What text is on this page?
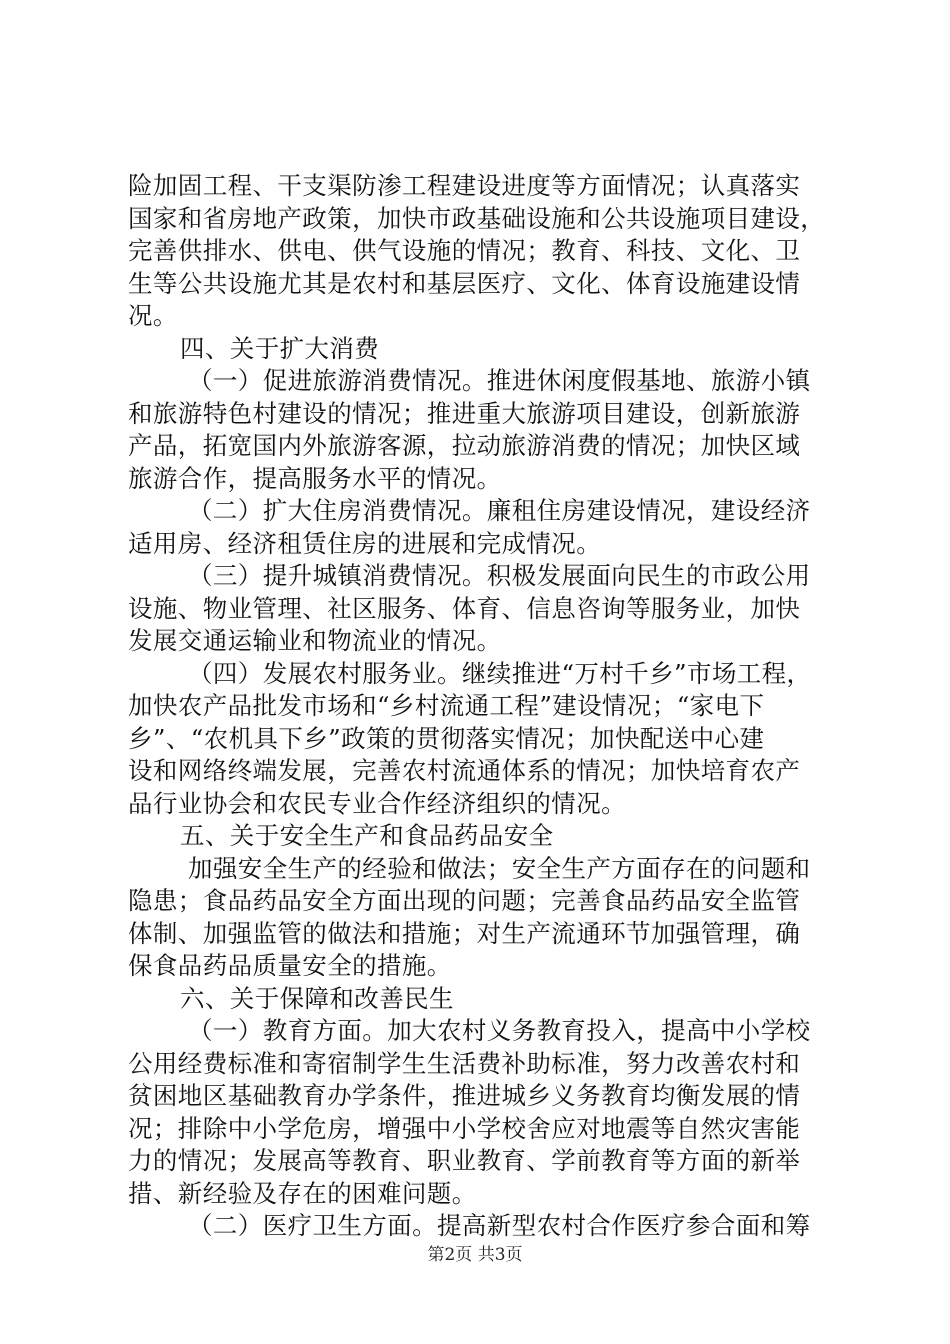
险加固工程、干支渠防渗工程建设进度等方面情况；认真落实
国家和省房地产政策，加快市政基础设施和公共设施项目建设，
完善供排水、供电、供气设施的情况；教育、科技、文化、卫
生等公共设施尤其是农村和基层医疗、文化、体育设施建设情
况。
四、关于扩大消费
（一）促进旅游消费情况。推进休闲度假基地、旅游小镇
和旅游特色村建设的情况；推进重大旅游项目建设，创新旅游
产品，拓宽国内外旅游客源，拉动旅游消费的情况；加快区域
旅游合作，提高服务水平的情况。
（二）扩大住房消费情况。廉租住房建设情况，建设经济
适用房、经济租赁住房的进展和完成情况。
（三）提升城镇消费情况。积极发展面向民生的市政公用
设施、物业管理、社区服务、体育、信息咨询等服务业，加快
发展交通运输业和物流业的情况。
（四）发展农村服务业。继续推进“万村千乡”市场工程，
加快农产品批发市场和“乡村流通工程”建设情况；“家电下
乡”、“农机具下乡”政策的贯彻落实情况；加快配送中心建
设和网络终端发展，完善农村流通体系的情况；加快培育农产
品行业协会和农民专业合作经济组织的情况。
五、关于安全生产和食品药品安全
加强安全生产的经验和做法；安全生产方面存在的问题和
隐患；食品药品安全方面出现的问题；完善食品药品安全监管
体制、加强监管的做法和措施；对生产流通环节加强管理，确
保食品药品质量安全的措施。
六、关于保障和改善民生
（一）教育方面。加大农村义务教育投入，提高中小学校
公用经费标准和寄宿制学生生活费补助标准，努力改善农村和
贫困地区基础教育办学条件，推进城乡义务教育均衡发展的情
况；排除中小学危房，增强中小学校舍应对地震等自然灾害能
力的情况；发展高等教育、职业教育、学前教育等方面的新举
措、新经验及存在的困难问题。
（二）医疗卫生方面。提高新型农村合作医疗参合面和筹
第2页 共3页
